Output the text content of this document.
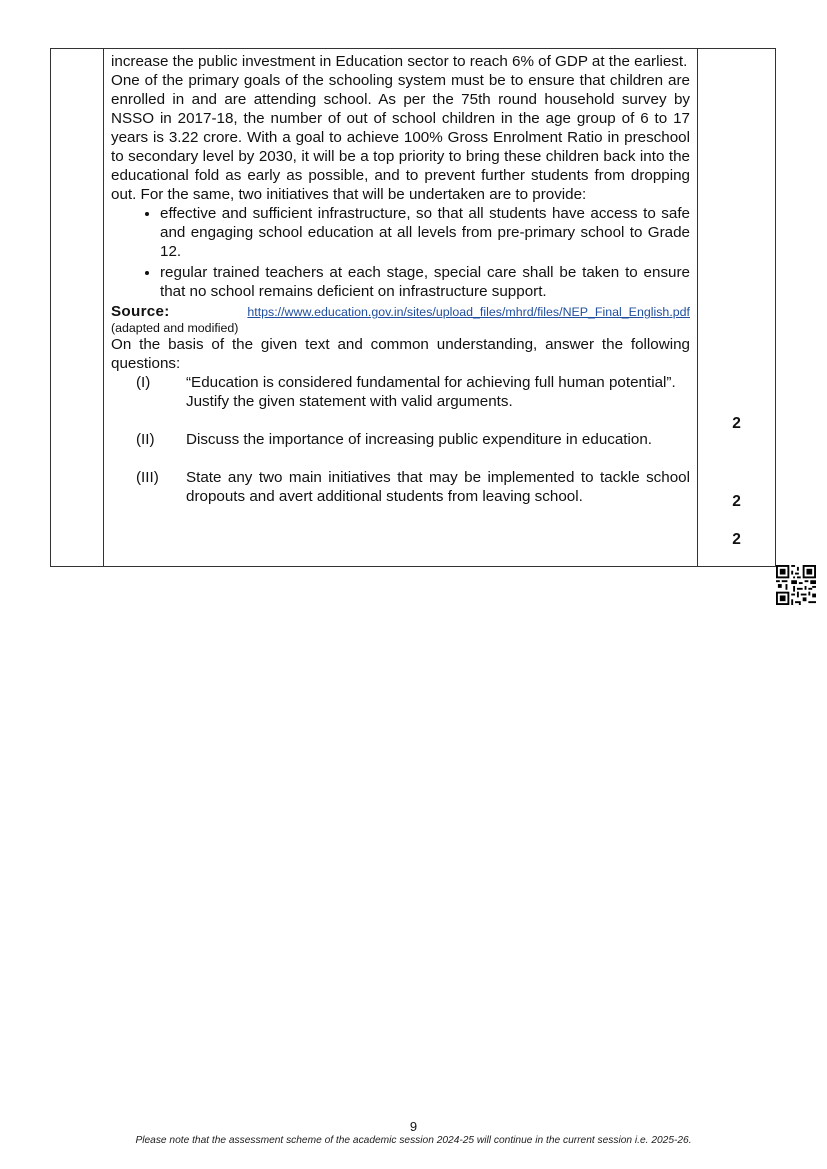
increase the public investment in Education sector to reach 6% of GDP at the earliest.

One of the primary goals of the schooling system must be to ensure that children are enrolled in and are attending school. As per the 75th round household survey by NSSO in 2017-18, the number of out of school children in the age group of 6 to 17 years is 3.22 crore. With a goal to achieve 100% Gross Enrolment Ratio in preschool to secondary level by 2030, it will be a top priority to bring these children back into the educational fold as early as possible, and to prevent further students from dropping out. For the same, two initiatives that will be undertaken are to provide:

• effective and sufficient infrastructure, so that all students have access to safe and engaging school education at all levels from pre-primary school to Grade 12.
• regular trained teachers at each stage, special care shall be taken to ensure that no school remains deficient on infrastructure support.
Source:	https://www.education.gov.in/sites/upload_files/mhrd/files/NEP_Final_English.pdf
(adapted and modified)

On the basis of the given text and common understanding, answer the following questions:

(I)	“Education is considered fundamental for achieving full human potential”.
Justify the given statement with valid arguments.
(II)	Discuss the importance of increasing public expenditure in education.
(III)	State any two main initiatives that may be implemented to tackle school dropouts and avert additional students from leaving school.

2
2
2
9
Please note that the assessment scheme of the academic session 2024-25 will continue in the current session i.e. 2025-26.
